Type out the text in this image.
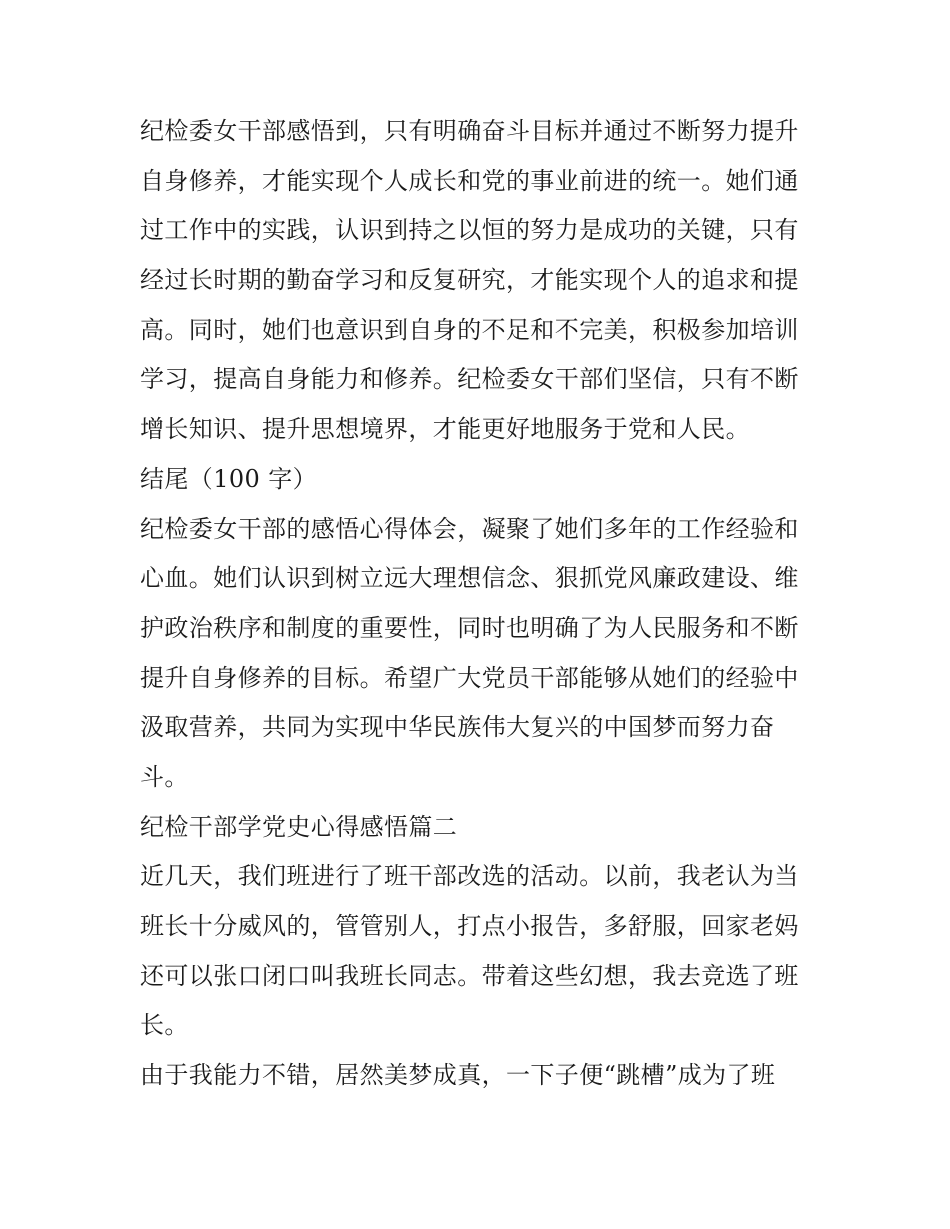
纪检委女干部感悟到，只有明确奋斗目标并通过不断努力提升
自身修养，才能实现个人成长和党的事业前进的统一。她们通
过工作中的实践，认识到持之以恒的努力是成功的关键，只有
经过长时期的勤奋学习和反复研究，才能实现个人的追求和提
高。同时，她们也意识到自身的不足和不完美，积极参加培训
学习，提高自身能力和修养。纪检委女干部们坚信，只有不断
增长知识、提升思想境界，才能更好地服务于党和人民。
结尾（100 字）
纪检委女干部的感悟心得体会，凝聚了她们多年的工作经验和
心血。她们认识到树立远大理想信念、狠抓党风廉政建设、维
护政治秩序和制度的重要性，同时也明确了为人民服务和不断
提升自身修养的目标。希望广大党员干部能够从她们的经验中
汲取营养，共同为实现中华民族伟大复兴的中国梦而努力奋
斗。
纪检干部学党史心得感悟篇二
近几天，我们班进行了班干部改选的活动。以前，我老认为当
班长十分威风的，管管别人，打点小报告，多舒服，回家老妈
还可以张口闭口叫我班长同志。带着这些幻想，我去竞选了班
长。
由于我能力不错，居然美梦成真，一下子便“跳槽”成为了班
